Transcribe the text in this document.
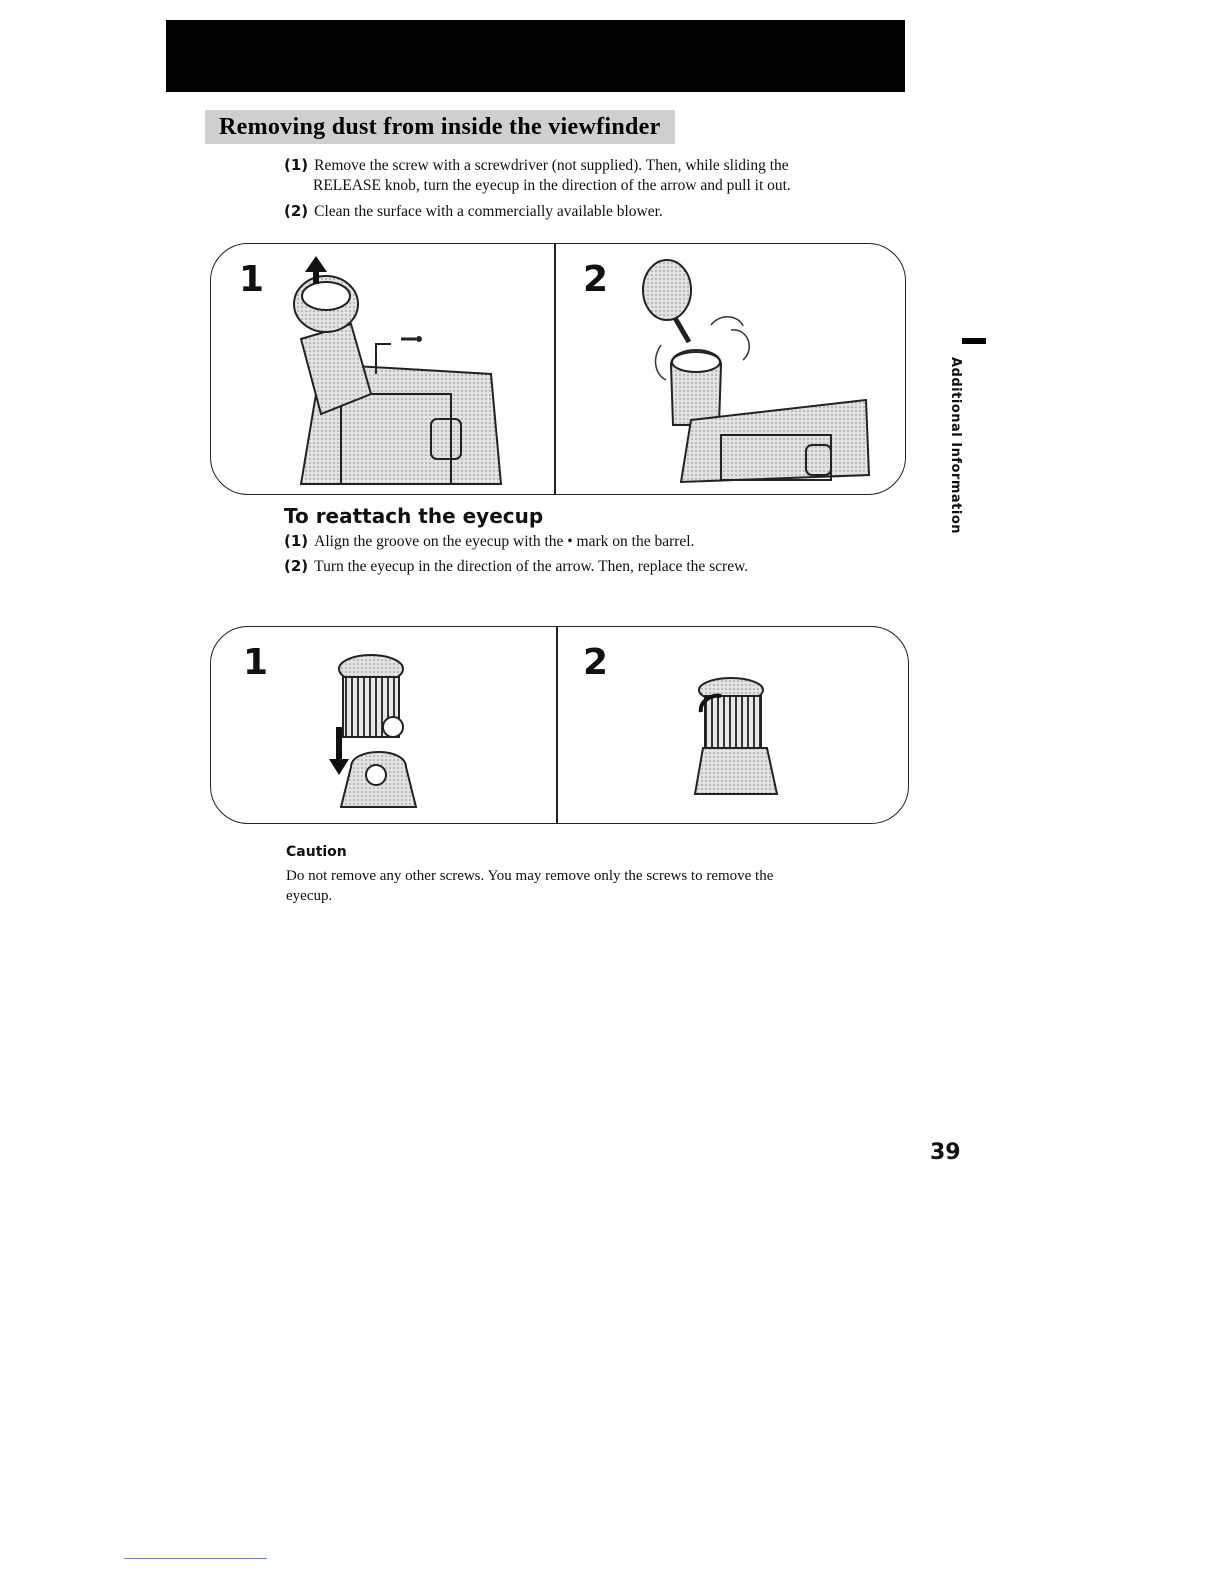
Removing dust from inside the viewfinder
(1) Remove the screw with a screwdriver (not supplied). Then, while sliding the
RELEASE knob, turn the eyecup in the direction of the arrow and pull it out.
(2) Clean the surface with a commercially available blower.
1	2
To reattach the eyecup
(1) Align the groove on the eyecup with the • mark on the barrel.
(2) Turn the eyecup in the direction of the arrow. Then, replace the screw.
1	2
Additional Information
Caution
Do not remove any other screws. You may remove only the screws to remove the
eyecup.
39
